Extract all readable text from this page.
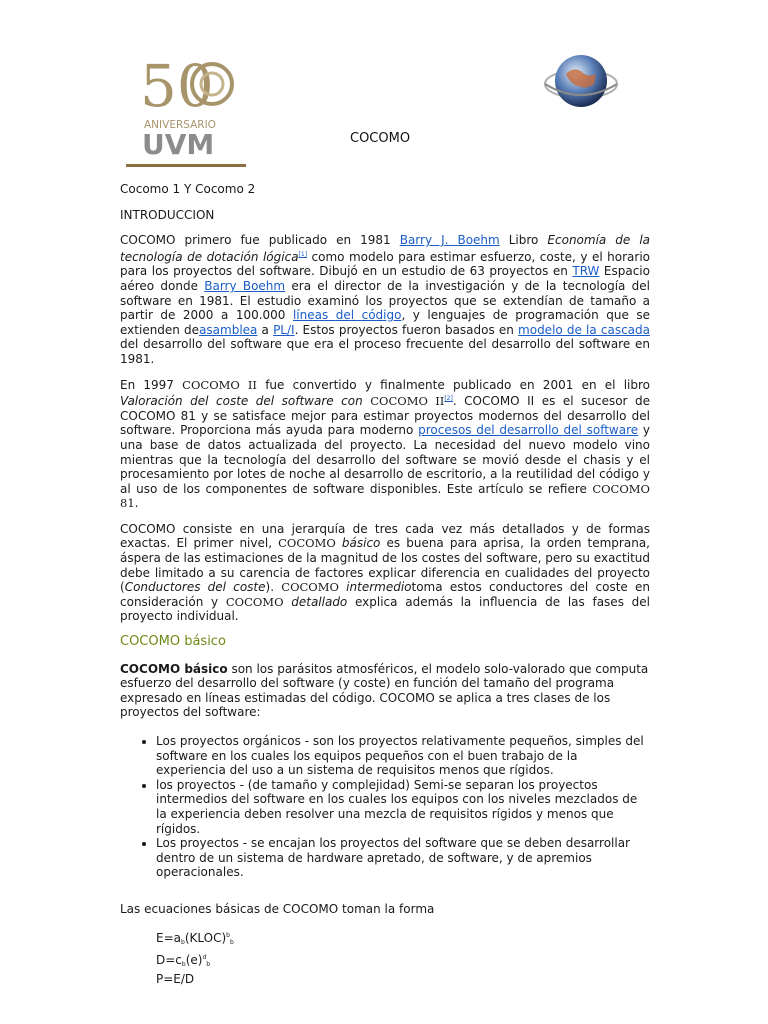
50
ANIVERSARIO
UVM	COCOMO

Cocomo 1 Y Cocomo 2

INTRODUCCION

COCOMO primero fue publicado en 1981 Barry J. Boehm Libro Economía de la tecnología de dotación lógica[1] como modelo para estimar esfuerzo, coste, y el horario para los proyectos del software. Dibujó en un estudio de 63 proyectos en TRW Espacio aéreo donde Barry Boehm era el director de la investigación y de la tecnología del software en 1981. El estudio examinó los proyectos que se extendían de tamaño a partir de 2000 a 100.000 líneas del código, y lenguajes de programación que se extienden deasamblea a PL/I. Estos proyectos fueron basados en modelo de la cascada del desarrollo del software que era el proceso frecuente del desarrollo del software en 1981.

En 1997 COCOMO II fue convertido y finalmente publicado en 2001 en el libro Valoración del coste del software con COCOMO II[2]. COCOMO II es el sucesor de COCOMO 81 y se satisface mejor para estimar proyectos modernos del desarrollo del software. Proporciona más ayuda para moderno procesos del desarrollo del software y una base de datos actualizada del proyecto. La necesidad del nuevo modelo vino mientras que la tecnología del desarrollo del software se movió desde el chasis y el procesamiento por lotes de noche al desarrollo de escritorio, a la reutilidad del código y al uso de los componentes de software disponibles. Este artículo se refiere COCOMO 81.

COCOMO consiste en una jerarquía de tres cada vez más detallados y de formas exactas. El primer nivel, COCOMO básico es buena para aprisa, la orden temprana, áspera de las estimaciones de la magnitud de los costes del software, pero su exactitud debe limitado a su carencia de factores explicar diferencia en cualidades del proyecto (Conductores del coste). COCOMO intermediotoma estos conductores del coste en consideración y COCOMO detallado explica además la influencia de las fases del proyecto individual.

COCOMO básico

COCOMO básico son los parásitos atmosféricos, el modelo solo-valorado que computa esfuerzo del desarrollo del software (y coste) en función del tamaño del programa expresado en líneas estimadas del código. COCOMO se aplica a tres clases de los proyectos del software:

• Los proyectos orgánicos - son los proyectos relativamente pequeños, simples del software en los cuales los equipos pequeños con el buen trabajo de la experiencia del uso a un sistema de requisitos menos que rígidos.
• los proyectos - (de tamaño y complejidad) Semi-se separan los proyectos intermedios del software en los cuales los equipos con los niveles mezclados de la experiencia deben resolver una mezcla de requisitos rígidos y menos que rígidos.
• Los proyectos - se encajan los proyectos del software que se deben desarrollar dentro de un sistema de hardware apretado, de software, y de apremios operacionales.

Las ecuaciones básicas de COCOMO toman la forma

$E=a_b(KLOC)^b_b$
$D=c_b(e)^d_b$
P=E/D
